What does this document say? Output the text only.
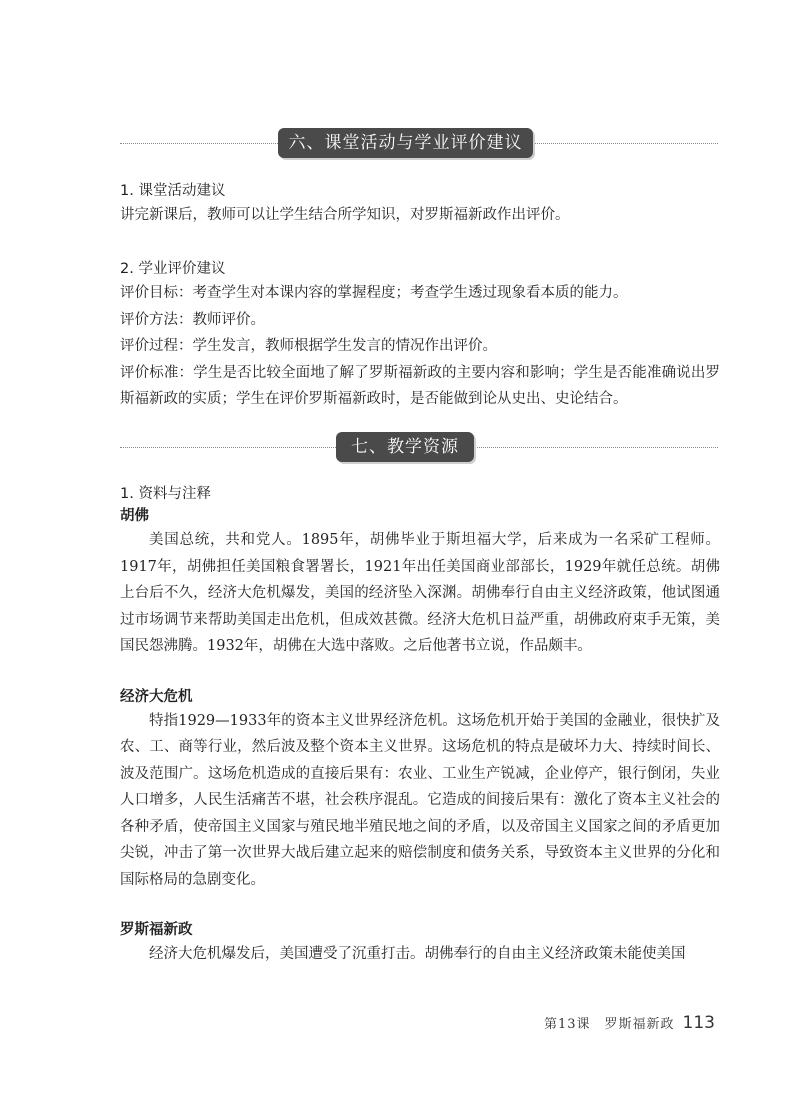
六、课堂活动与学业评价建议

1. 课堂活动建议

讲完新课后，教师可以让学生结合所学知识，对罗斯福新政作出评价。

2. 学业评价建议

评价目标：考查学生对本课内容的掌握程度；考查学生透过现象看本质的能力。

评价方法：教师评价。

评价过程：学生发言，教师根据学生发言的情况作出评价。

评价标准：学生是否比较全面地了解了罗斯福新政的主要内容和影响；学生是否能准确说出罗斯福新政的实质；学生在评价罗斯福新政时，是否能做到论从史出、史论结合。

七、教学资源

1. 资料与注释

胡佛

美国总统，共和党人。1895年，胡佛毕业于斯坦福大学，后来成为一名采矿工程师。1917年，胡佛担任美国粮食署署长，1921年出任美国商业部部长，1929年就任总统。胡佛上台后不久，经济大危机爆发，美国的经济坠入深渊。胡佛奉行自由主义经济政策，他试图通过市场调节来帮助美国走出危机，但成效甚微。经济大危机日益严重，胡佛政府束手无策，美国民怨沸腾。1932年，胡佛在大选中落败。之后他著书立说，作品颇丰。

经济大危机

特指1929—1933年的资本主义世界经济危机。这场危机开始于美国的金融业，很快扩及农、工、商等行业，然后波及整个资本主义世界。这场危机的特点是破坏力大、持续时间长、波及范围广。这场危机造成的直接后果有：农业、工业生产锐减，企业停产，银行倒闭，失业人口增多，人民生活痛苦不堪，社会秩序混乱。它造成的间接后果有：激化了资本主义社会的各种矛盾，使帝国主义国家与殖民地半殖民地之间的矛盾，以及帝国主义国家之间的矛盾更加尖锐，冲击了第一次世界大战后建立起来的赔偿制度和债务关系，导致资本主义世界的分化和国际格局的急剧变化。

罗斯福新政

经济大危机爆发后，美国遭受了沉重打击。胡佛奉行的自由主义经济政策未能使美国

第13课　罗斯福新政 113
